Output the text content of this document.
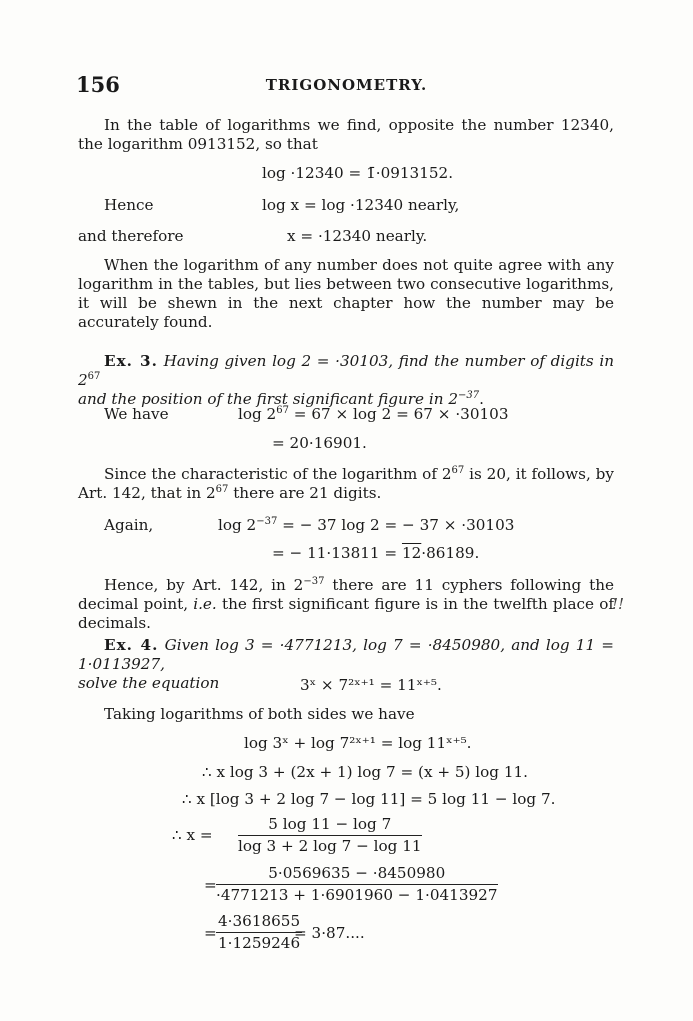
156	TRIGONOMETRY.
In the table of logarithms we find, opposite the number 12340, the logarithm 0913152, so that
log ·12340 = 1̄·0913152.
Hence	log x = log ·12340 nearly,
and therefore	x = ·12340 nearly.
When the logarithm of any number does not quite agree with any logarithm in the tables, but lies between two consecutive logarithms, it will be shewn in the next chapter how the number may be accurately found.
Ex. 3. Having given log 2 = ·30103, find the number of digits in $2^{67}$
and the position of the first significant figure in $2^{-37}$.
We have	$\log 2^{67} = 67 \times \log 2 = 67 \times \cdot 30103$
= 20·16901.
Since the characteristic of the logarithm of $2^{67}$ is 20, it follows, by Art. 142, that in $2^{67}$ there are 21 digits.
Again,	$\log 2^{-37}$ = − 37 log 2 = − 37 × ·30103
= − 11·13811 = 12·86189.
Hence, by Art. 142, in $2^{-37}$ there are 11 cyphers following the decimal point, i.e. the first significant figure is in the twelfth place of decimals.
!!
Ex. 4. Given log 3 = ·4771213, log 7 = ·8450980, and log 11 = 1·0113927,
solve the equation	3ˣ × 7²ˣ⁺¹ = 11ˣ⁺⁵.
Taking logarithms of both sides we have
log 3ˣ + log 7²ˣ⁺¹ = log 11ˣ⁺⁵.
∴ x log 3 + (2x + 1) log 7 = (x + 5) log 11.
∴ x [log 3 + 2 log 7 − log 11] = 5 log 11 − log 7.
∴ $x = \frac{5 \log 11 - \log 7}{\log 3 + 2 \log 7 - \log 11}$
= $\frac{5\cdot 0569635 - \cdot 8450980}{\cdot 4771213 + 1\cdot 6901960 - 1\cdot 0413927}$
= $\frac{4\cdot 3618655}{1\cdot 1259246}$
= 3·87....
